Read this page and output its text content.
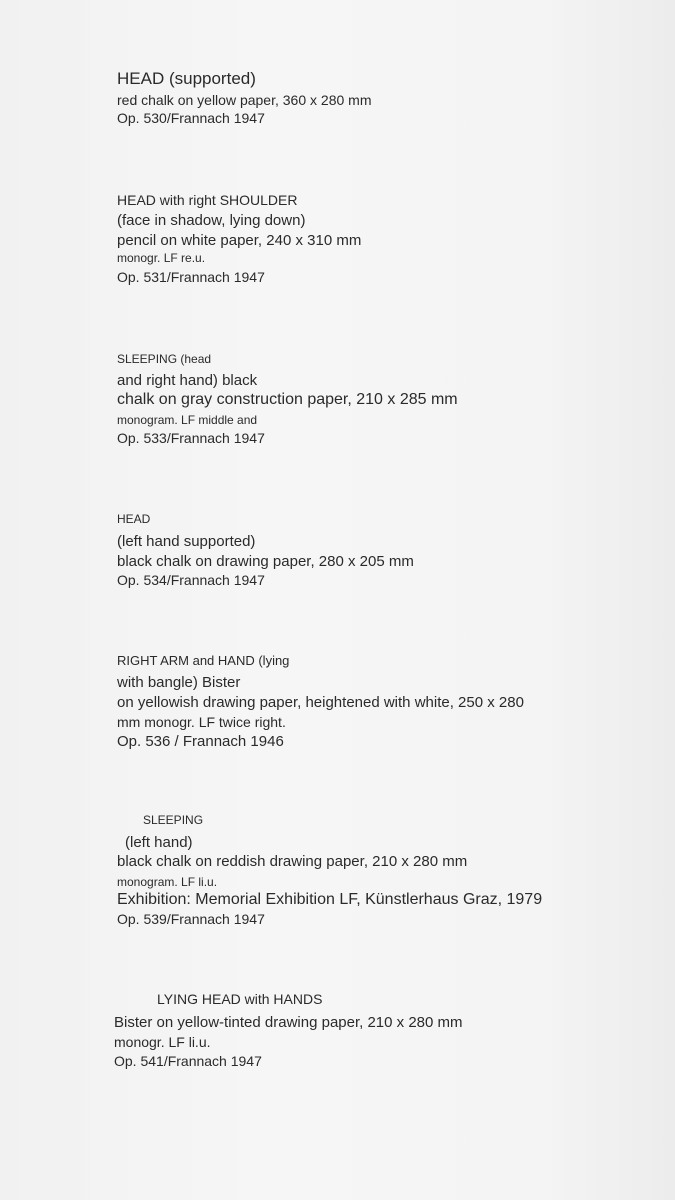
HEAD (supported)
red chalk on yellow paper, 360 x 280 mm
Op. 530/Frannach 1947
HEAD with right SHOULDER
(face in shadow, lying down)
pencil on white paper, 240 x 310 mm
monogr. LF re.u.
Op. 531/Frannach 1947
SLEEPING (head
and right hand) black
chalk on gray construction paper, 210 x 285 mm
monogram. LF middle and
Op. 533/Frannach 1947
HEAD
(left hand supported)
black chalk on drawing paper, 280 x 205 mm
Op. 534/Frannach 1947
RIGHT ARM and HAND (lying
with bangle) Bister
on yellowish drawing paper, heightened with white, 250 x 280
mm monogr. LF twice right.
Op. 536 / Frannach 1946
SLEEPING
(left hand)
black chalk on reddish drawing paper, 210 x 280 mm
monogram. LF li.u.
Exhibition: Memorial Exhibition LF, Künstlerhaus Graz, 1979
Op. 539/Frannach 1947
LYING HEAD with HANDS
Bister on yellow-tinted drawing paper, 210 x 280 mm
monogr. LF li.u.
Op. 541/Frannach 1947
